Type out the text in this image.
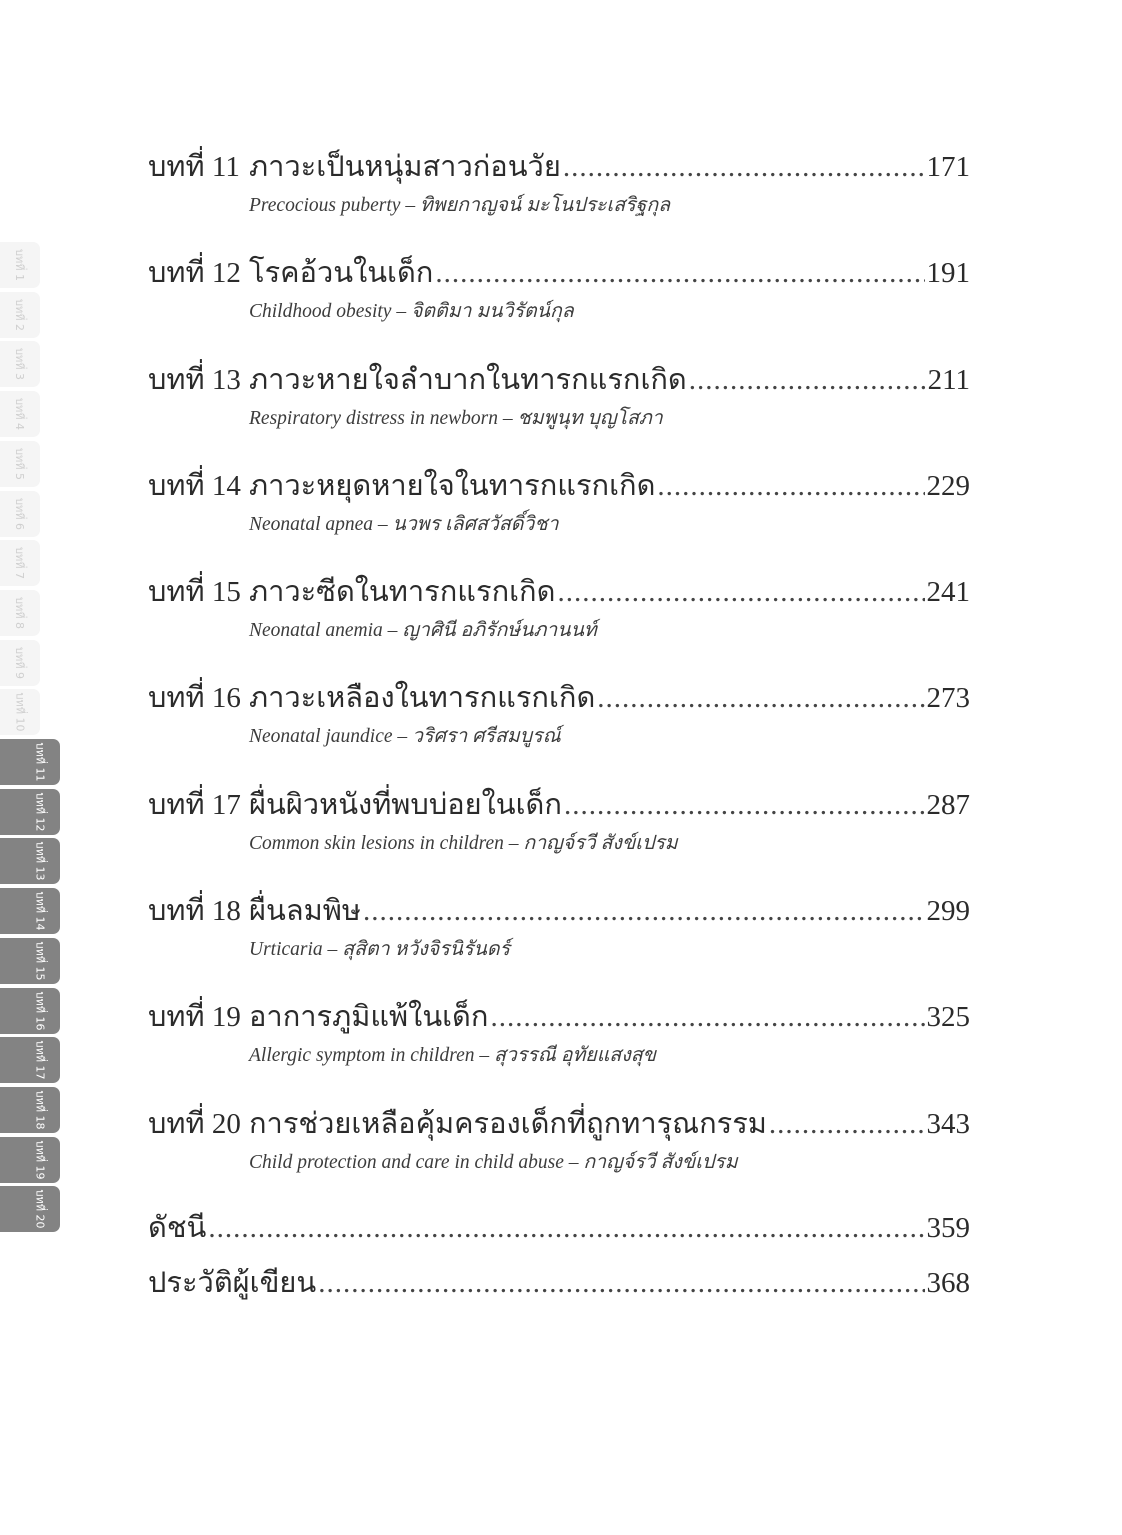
บทที่ 1
บทที่ 2
บทที่ 3
บทที่ 4
บทที่ 5
บทที่ 6
บทที่ 7
บทที่ 8
บทที่ 9
บทที่ 10
บทที่ 11
บทที่ 12
บทที่ 13
บทที่ 14
บทที่ 15
บทที่ 16
บทที่ 17
บทที่ 18
บทที่ 19
บทที่ 20
บทที่ 11 ภาวะเป็นหนุ่มสาวก่อนวัย .....	171
Precocious puberty – ทิพยกาญจน์ มะโนประเสริฐกุล
บทที่ 12 โรคอ้วนในเด็ก .....	191
Childhood obesity – จิตติมา มนวิรัตน์กุล
บทที่ 13 ภาวะหายใจลำบากในทารกแรกเกิด .....	211
Respiratory distress in newborn – ชมพูนุท บุญโสภา
บทที่ 14 ภาวะหยุดหายใจในทารกแรกเกิด .....	229
Neonatal apnea – นวพร เลิศสวัสดิ์วิชา
บทที่ 15 ภาวะซีดในทารกแรกเกิด .....	241
Neonatal anemia – ญาศินี อภิรักษ์นภานนท์
บทที่ 16 ภาวะเหลืองในทารกแรกเกิด .....	273
Neonatal jaundice – วริศรา ศรีสมบูรณ์
บทที่ 17 ผื่นผิวหนังที่พบบ่อยในเด็ก .....	287
Common skin lesions in children – กาญจ์รวี สังข์เปรม
บทที่ 18 ผื่นลมพิษ .....	299
Urticaria – สุสิตา หวังจิรนิรันดร์
บทที่ 19 อาการภูมิแพ้ในเด็ก .....	325
Allergic symptom in children – สุวรรณี อุทัยแสงสุข
บทที่ 20 การช่วยเหลือคุ้มครองเด็กที่ถูกทารุณกรรม .....	343
Child protection and care in child abuse – กาญจ์รวี สังข์เปรม
ดัชนี .....	359
ประวัติผู้เขียน .....	368
